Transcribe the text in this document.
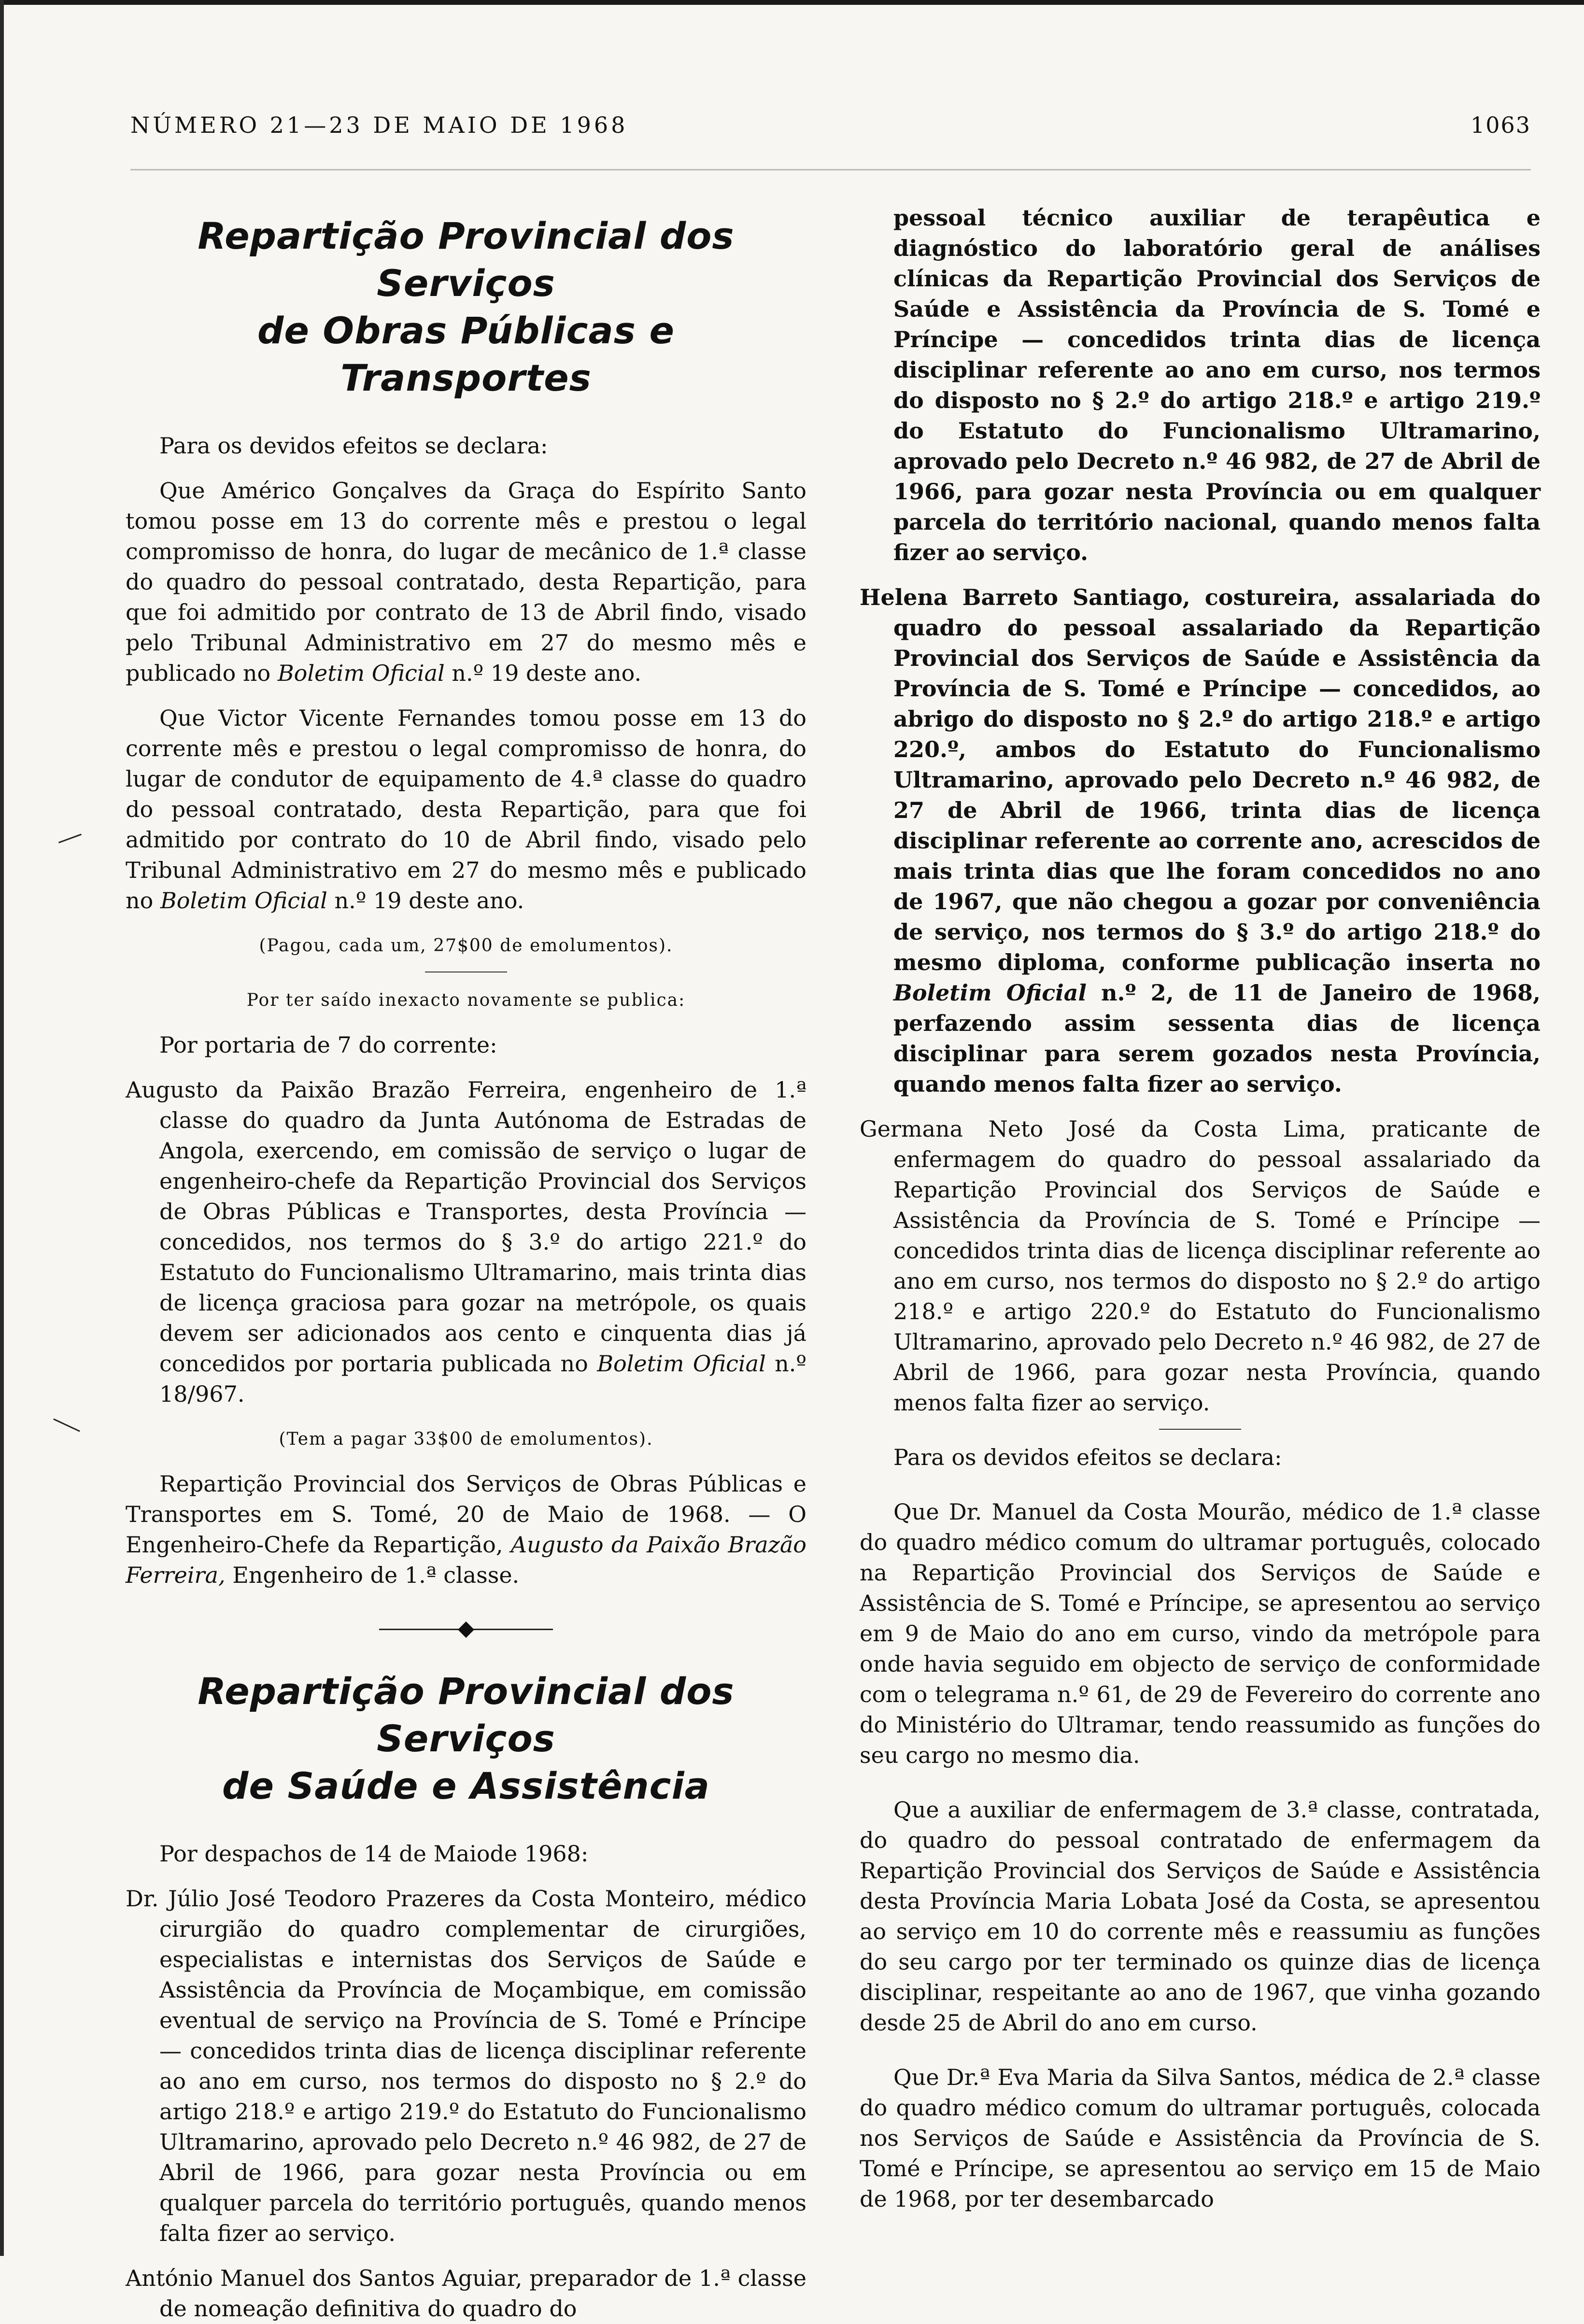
NÚ᠌MERO 21—23 DE MAIO DE 1968	1063
Repartição Provincial dos Serviços
de Obras Públicas e Transportes

Para os devidos efeitos se declara:

Que Américo Gonçalves da Graça do Espírito Santo tomou posse em 13 do corrente mês e prestou o legal compromisso de honra, do lugar de mecânico de 1.ª classe do quadro do pessoal contratado, desta Repartição, para que foi admitido por contrato de 13 de Abril findo, visado pelo Tribunal Administrativo em 27 do mesmo mês e publicado no Boletim Oficial n.º 19 deste ano.

Que Victor Vicente Fernandes tomou posse em 13 do corrente mês e prestou o legal compromisso de honra, do lugar de condutor de equipamento de 4.ª classe do quadro do pessoal contratado, desta Repartição, para que foi admitido por contrato do 10 de Abril findo, visado pelo Tribunal Administrativo em 27 do mesmo mês e publicado no Boletim Oficial n.º 19 deste ano.

(Pagou, cada um, 27$00 de emolumentos).

Por ter saído inexacto novamente se publica:

Por portaria de 7 do corrente:

Augusto da Paixão Brazão Ferreira, engenheiro de 1.ª classe do quadro da Junta Autónoma de Estradas de Angola, exercendo, em comissão de serviço o lugar de engenheiro-chefe da Repartição Provincial dos Serviços de Obras Públicas e Transportes, desta Província — concedidos, nos termos do § 3.º do artigo 221.º do Estatuto do Funcionalismo Ultramarino, mais trinta dias de licença graciosa para gozar na metrópole, os quais devem ser adicionados aos cento e cinquenta dias já concedidos por portaria publicada no Boletim Oficial n.º 18/967.

(Tem a pagar 33$00 de emolumentos).

Repartição Provincial dos Serviços de Obras Públicas e Transportes em S. Tomé, 20 de Maio de 1968. — O Engenheiro-Chefe da Repartição, Augusto da Paixão Brazão Ferreira, Engenheiro de 1.ª classe.

Repartição Provincial dos Serviços
de Saúde e Assistência

Por despachos de 14 de Maiode 1968:

Dr. Júlio José Teodoro Prazeres da Costa Monteiro, médico cirurgião do quadro complementar de cirurgiões, especialistas e internistas dos Serviços de Saúde e Assistência da Província de Moçambique, em comissão eventual de serviço na Província de S. Tomé e Príncipe — concedidos trinta dias de licença disciplinar referente ao ano em curso, nos termos do disposto no § 2.º do artigo 218.º e artigo 219.º do Estatuto do Funcionalismo Ultramarino, aprovado pelo Decreto n.º 46 982, de 27 de Abril de 1966, para gozar nesta Província ou em qualquer parcela do território português, quando menos falta fizer ao serviço.

António Manuel dos Santos Aguiar, preparador de 1.ª classe de nomeação definitiva do quadro do

pessoal técnico auxiliar de terapêutica e diagnóstico do laboratório geral de análises clínicas da Repartição Provincial dos Serviços de Saúde e Assistência da Província de S. Tomé e Príncipe — concedidos trinta dias de licença disciplinar referente ao ano em curso, nos termos do disposto no § 2.º do artigo 218.º e artigo 219.º do Estatuto do Funcionalismo Ultramarino, aprovado pelo Decreto n.º 46 982, de 27 de Abril de 1966, para gozar nesta Província ou em qualquer parcela do território nacional, quando menos falta fizer ao serviço.

Helena Barreto Santiago, costureira, assalariada do quadro do pessoal assalariado da Repartição Provincial dos Serviços de Saúde e Assistência da Província de S. Tomé e Príncipe — concedidos, ao abrigo do disposto no § 2.º do artigo 218.º e artigo 220.º, ambos do Estatuto do Funcionalismo Ultramarino, aprovado pelo Decreto n.º 46 982, de 27 de Abril de 1966, trinta dias de licença disciplinar referente ao corrente ano, acrescidos de mais trinta dias que lhe foram concedidos no ano de 1967, que não chegou a gozar por conveniência de serviço, nos termos do § 3.º do artigo 218.º do mesmo diploma, conforme publicação inserta no Boletim Oficial n.º 2, de 11 de Janeiro de 1968, perfazendo assim sessenta dias de licença disciplinar para serem gozados nesta Província, quando menos falta fizer ao serviço.

Germana Neto José da Costa Lima, praticante de enfermagem do quadro do pessoal assalariado da Repartição Provincial dos Serviços de Saúde e Assistência da Província de S. Tomé e Príncipe — concedidos trinta dias de licença disciplinar referente ao ano em curso, nos termos do disposto no § 2.º do artigo 218.º e artigo 220.º do Estatuto do Funcionalismo Ultramarino, aprovado pelo Decreto n.º 46 982, de 27 de Abril de 1966, para gozar nesta Província, quando menos falta fizer ao serviço.

Para os devidos efeitos se declara:

Que Dr. Manuel da Costa Mourão, médico de 1.ª classe do quadro médico comum do ultramar português, colocado na Repartição Provincial dos Serviços de Saúde e Assistência de S. Tomé e Príncipe, se apresentou ao serviço em 9 de Maio do ano em curso, vindo da metrópole para onde havia seguido em objecto de serviço de conformidade com o telegrama n.º 61, de 29 de Fevereiro do corrente ano do Ministério do Ultramar, tendo reassumido as funções do seu cargo no mesmo dia.

Que a auxiliar de enfermagem de 3.ª classe, contratada, do quadro do pessoal contratado de enfermagem da Repartição Provincial dos Serviços de Saúde e Assistência desta Província Maria Lobata José da Costa, se apresentou ao serviço em 10 do corrente mês e reassumiu as funções do seu cargo por ter terminado os quinze dias de licença disciplinar, respeitante ao ano de 1967, que vinha gozando desde 25 de Abril do ano em curso.

Que Dr.ª Eva Maria da Silva Santos, médica de 2.ª classe do quadro médico comum do ultramar português, colocada nos Serviços de Saúde e Assistência da Província de S. Tomé e Príncipe, se apresentou ao serviço em 15 de Maio de 1968, por ter desembarcado
